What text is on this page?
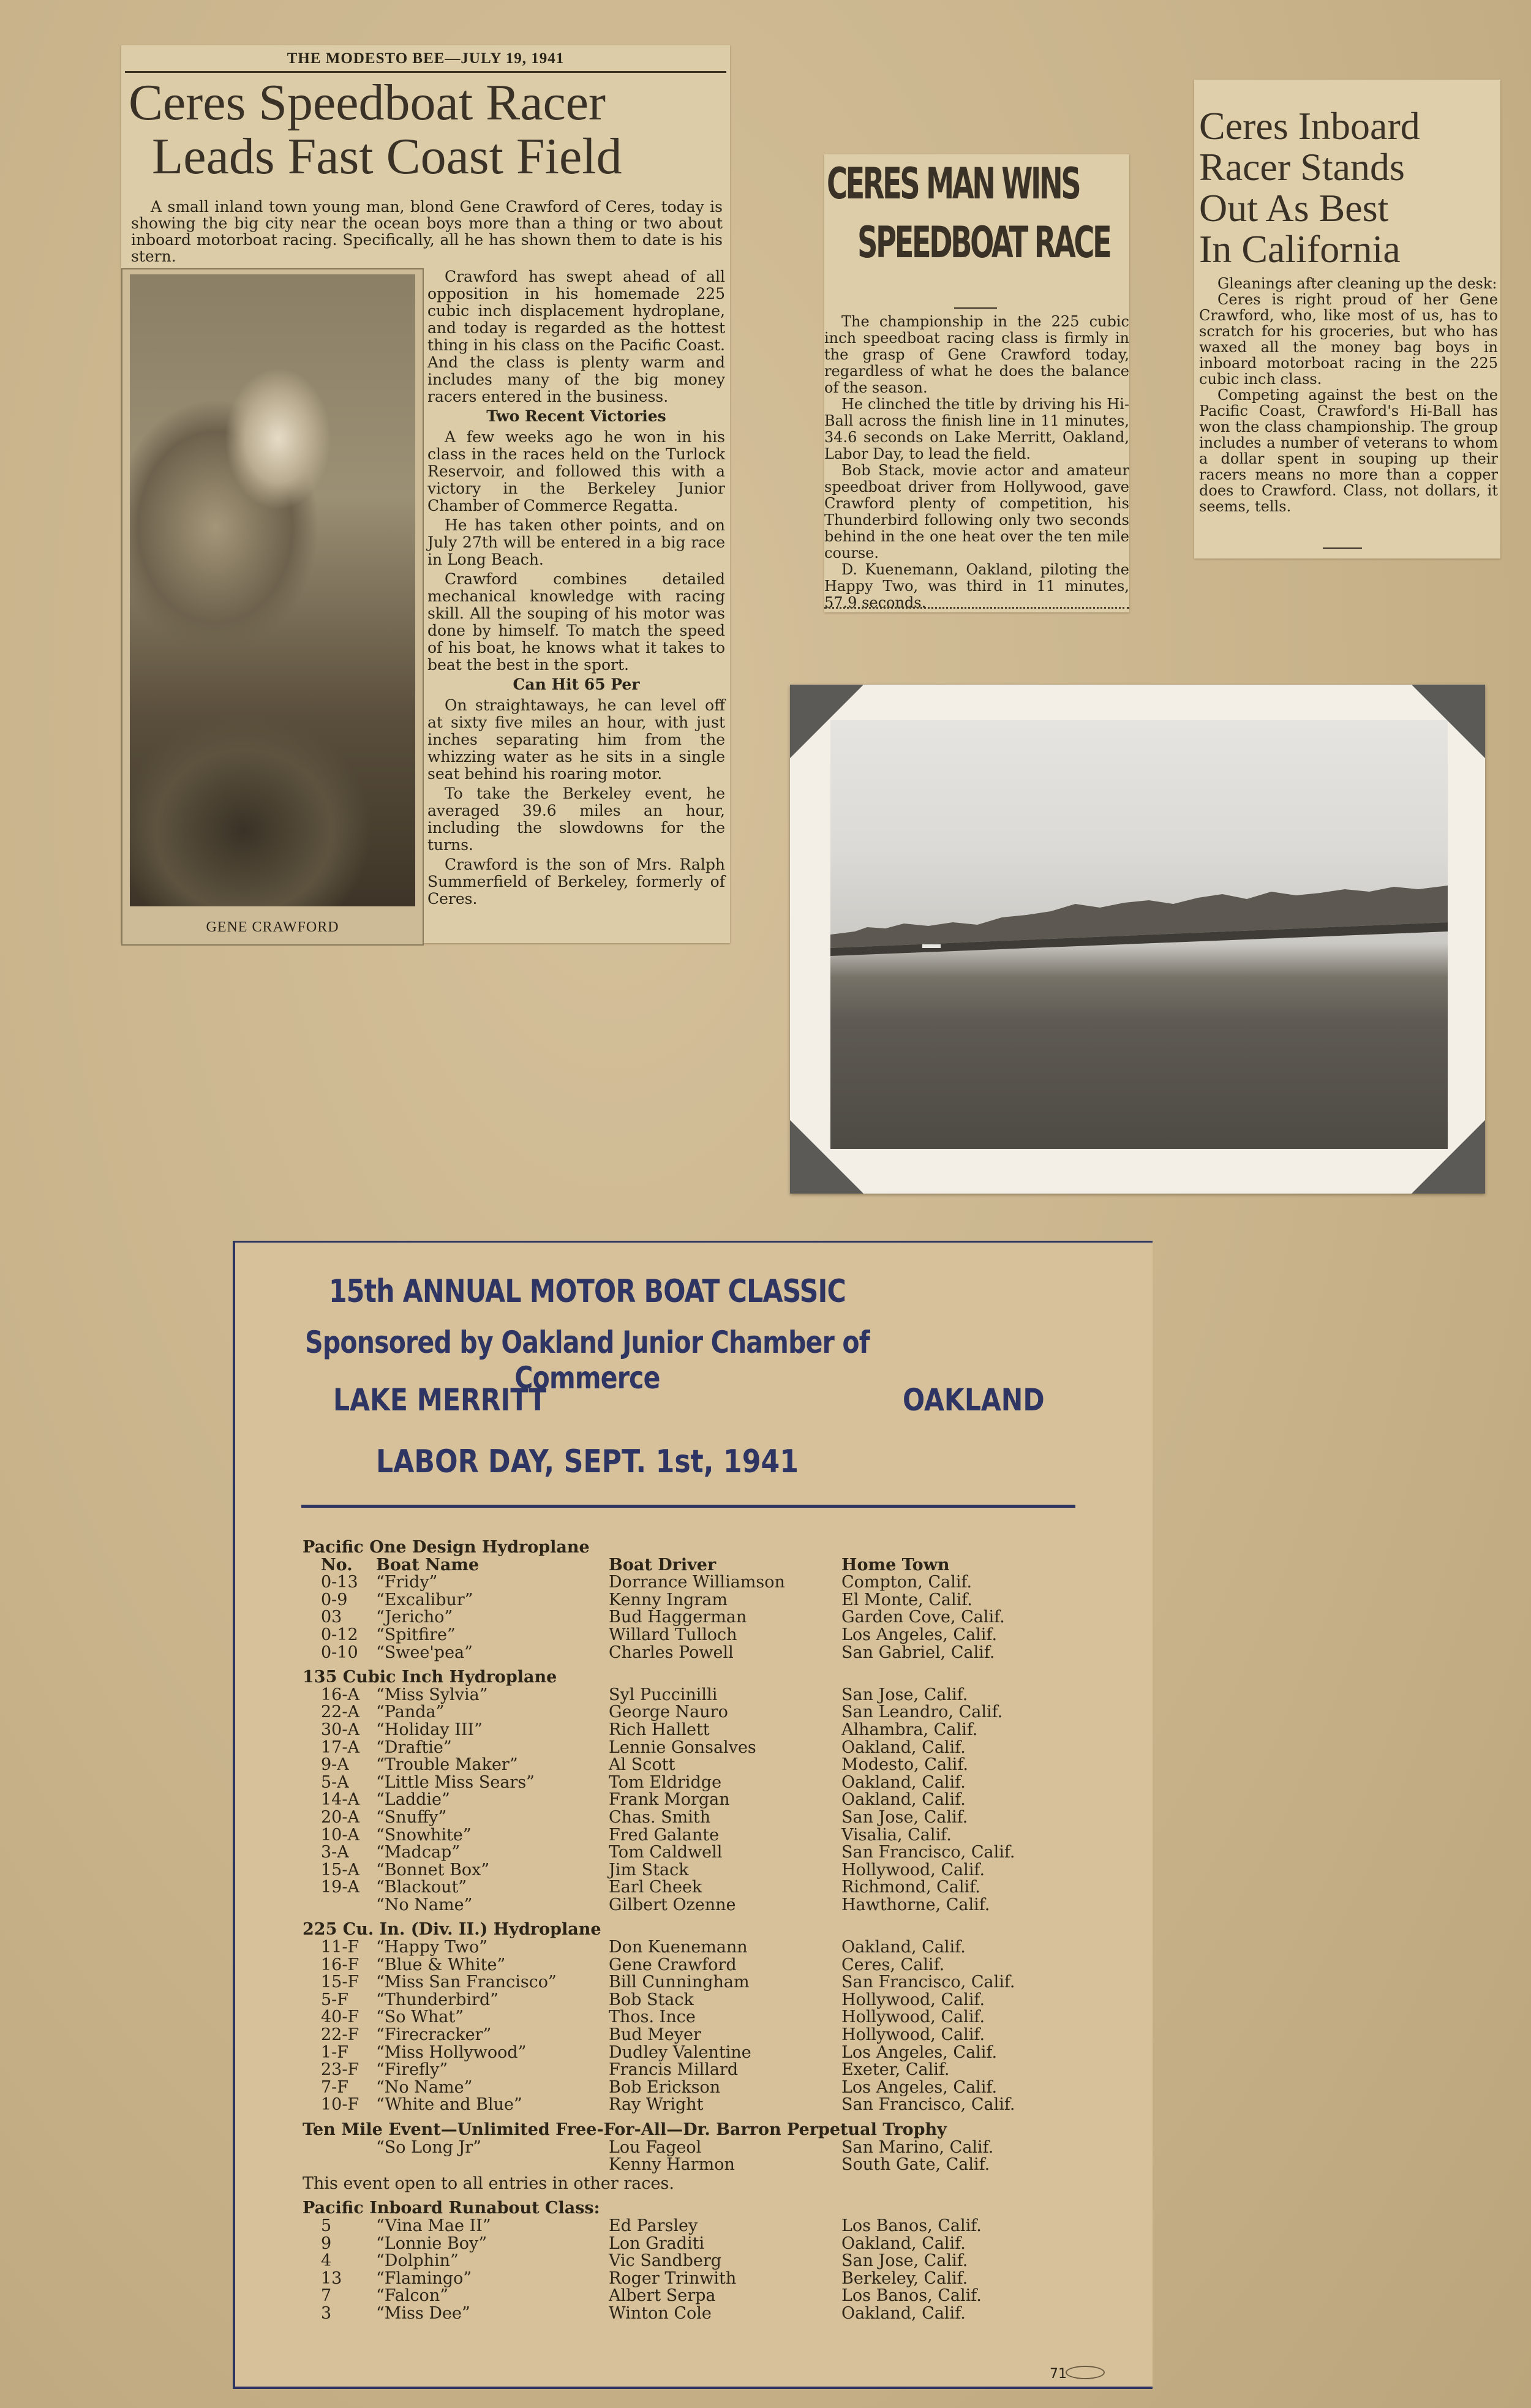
THE MODESTO BEE—JULY 19, 1941
Ceres Speedboat Racer
Leads Fast Coast Field
A small inland town young man, blond Gene Crawford of Ceres, today is showing the big city near the ocean boys more than a thing or two about inboard motorboat racing. Specifically, all he has shown them to date is his stern.
GENE CRAWFORD

Crawford has swept ahead of all opposition in his homemade 225 cubic inch displacement hydroplane, and today is regarded as the hottest thing in his class on the Pacific Coast. And the class is plenty warm and includes many of the big money racers entered in the business.

Two Recent Victories

A few weeks ago he won in his class in the races held on the Turlock Reservoir, and followed this with a victory in the Berkeley Junior Chamber of Commerce Regatta.

He has taken other points, and on July 27th will be entered in a big race in Long Beach.

Crawford combines detailed mechanical knowledge with racing skill. All the souping of his motor was done by himself. To match the speed of his boat, he knows what it takes to beat the best in the sport.

Can Hit 65 Per

On straightaways, he can level off at sixty five miles an hour, with just inches separating him from the whizzing water as he sits in a single seat behind his roaring motor.

To take the Berkeley event, he averaged 39.6 miles an hour, including the slowdowns for the turns.

Crawford is the son of Mrs. Ralph Summerfield of Berkeley, formerly of Ceres.

CERES MAN WINS
SPEEDBOAT RACE

The championship in the 225 cubic inch speedboat racing class is firmly in the grasp of Gene Crawford today, regardless of what he does the balance of the season.

He clinched the title by driving his Hi-Ball across the finish line in 11 minutes, 34.6 seconds on Lake Merritt, Oakland, Labor Day, to lead the field.

Bob Stack, movie actor and amateur speedboat driver from Hollywood, gave Crawford plenty of competition, his Thunderbird following only two seconds behind in the one heat over the ten mile course.

D. Kuenemann, Oakland, piloting the Happy Two, was third in 11 minutes, 57.9 seconds.

Ceres Inboard
Racer Stands
Out As Best
In California

Gleanings after cleaning up the desk:

Ceres is right proud of her Gene Crawford, who, like most of us, has to scratch for his groceries, but who has waxed all the money bag boys in inboard motorboat racing in the 225 cubic inch class.

Competing against the best on the Pacific Coast, Crawford's Hi-Ball has won the class championship. The group includes a number of veterans to whom a dollar spent in souping up their racers means no more than a copper does to Crawford. Class, not dollars, it seems, tells.

15th ANNUAL MOTOR BOAT CLASSIC
Sponsored by Oakland Junior Chamber of Commerce
LAKE MERRITT	OAKLAND
LABOR DAY, SEPT. 1st, 1941
Pacific One Design Hydroplane
No. Boat Name	Boat Driver	Home Town
0-13 “Fridy”	Dorrance Williamson	Compton, Calif.
0-9 “Excalibur”	Kenny Ingram	El Monte, Calif.
03 “Jericho”	Bud Haggerman	Garden Cove, Calif.
0-12 “Spitfire”	Willard Tulloch	Los Angeles, Calif.
0-10 “Swee'pea”	Charles Powell	San Gabriel, Calif.
135 Cubic Inch Hydroplane
16-A “Miss Sylvia”	Syl Puccinilli	San Jose, Calif.
22-A “Panda”	George Nauro	San Leandro, Calif.
30-A “Holiday III”	Rich Hallett	Alhambra, Calif.
17-A “Draftie”	Lennie Gonsalves	Oakland, Calif.
9-A “Trouble Maker”	Al Scott	Modesto, Calif.
5-A “Little Miss Sears”	Tom Eldridge	Oakland, Calif.
14-A “Laddie”	Frank Morgan	Oakland, Calif.
20-A “Snuffy”	Chas. Smith	San Jose, Calif.
10-A “Snowhite”	Fred Galante	Visalia, Calif.
3-A “Madcap”	Tom Caldwell	San Francisco, Calif.
15-A “Bonnet Box”	Jim Stack	Hollywood, Calif.
19-A “Blackout”	Earl Cheek	Richmond, Calif.
“No Name”	Gilbert Ozenne	Hawthorne, Calif.
225 Cu. In. (Div. II.) Hydroplane
11-F “Happy Two”	Don Kuenemann	Oakland, Calif.
16-F “Blue & White”	Gene Crawford	Ceres, Calif.
15-F “Miss San Francisco”	Bill Cunningham	San Francisco, Calif.
5-F “Thunderbird”	Bob Stack	Hollywood, Calif.
40-F “So What”	Thos. Ince	Hollywood, Calif.
22-F “Firecracker”	Bud Meyer	Hollywood, Calif.
1-F “Miss Hollywood”	Dudley Valentine	Los Angeles, Calif.
23-F “Firefly”	Francis Millard	Exeter, Calif.
7-F “No Name”	Bob Erickson	Los Angeles, Calif.
10-F “White and Blue”	Ray Wright	San Francisco, Calif.
Ten Mile Event—Unlimited Free-For-All—Dr. Barron Perpetual Trophy
“So Long Jr”	Lou Fageol	San Marino, Calif.
Kenny Harmon	South Gate, Calif.
This event open to all entries in other races.
Pacific Inboard Runabout Class:
5	“Vina Mae II”	Ed Parsley	Los Banos, Calif.
9	“Lonnie Boy”	Lon Graditi	Oakland, Calif.
4	“Dolphin”	Vic Sandberg	San Jose, Calif.
13 “Flamingo”	Roger Trinwith	Berkeley, Calif.
7	“Falcon”	Albert Serpa	Los Banos, Calif.
3	“Miss Dee”	Winton Cole	Oakland, Calif.
71
